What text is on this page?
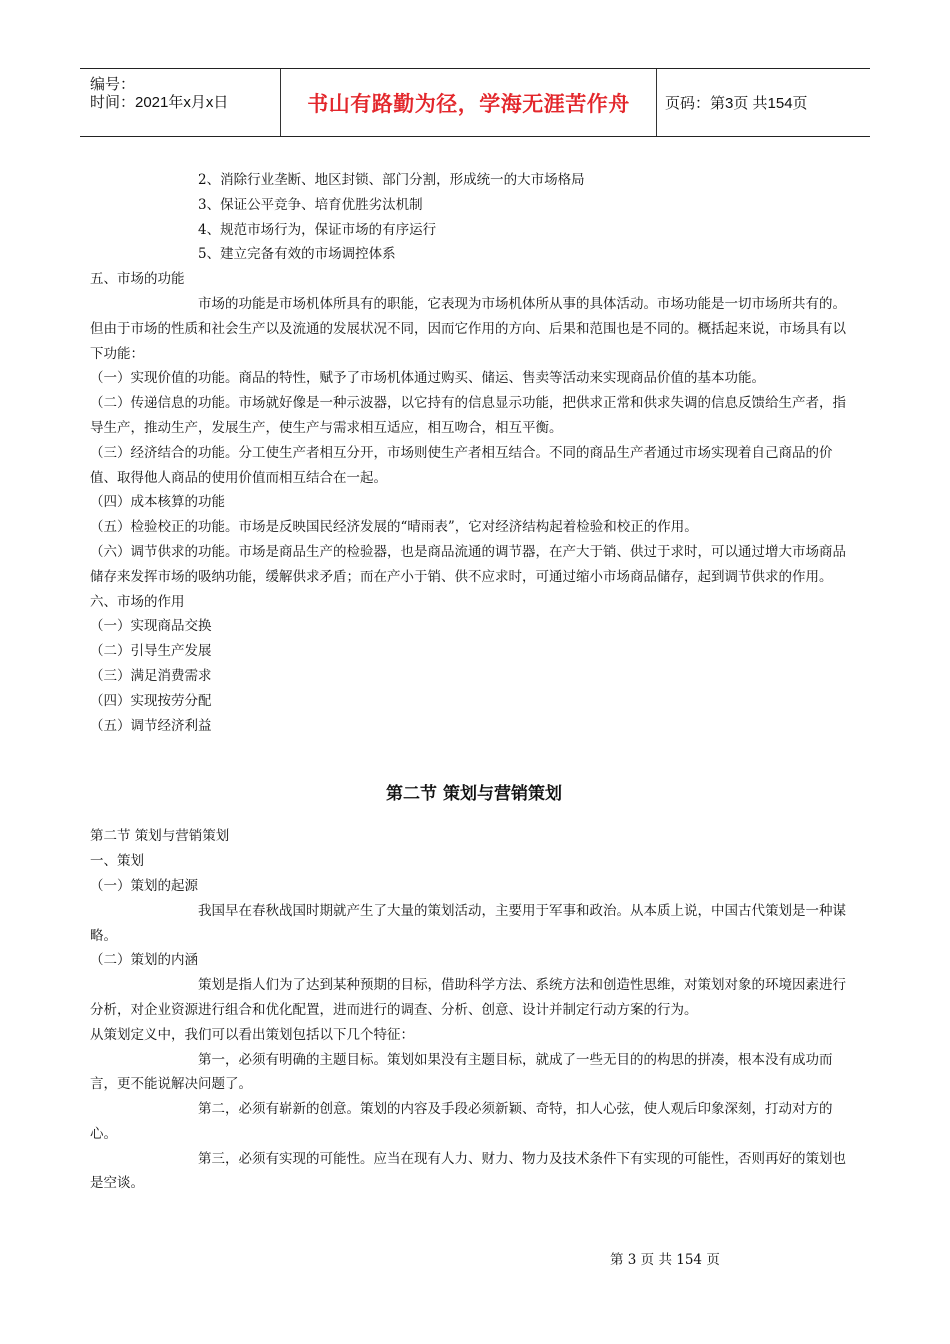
编号：
时间：2021年x月x日	书山有路勤为径，学海无涯苦作舟 页码：第3页 共154页

2、消除行业垄断、地区封锁、部门分割，形成统一的大市场格局

3、保证公平竞争、培育优胜劣汰机制

4、规范市场行为，保证市场的有序运行

5、建立完备有效的市场调控体系

五、市场的功能

市场的功能是市场机体所具有的职能，它表现为市场机体所从事的具体活动。市场功能是一切市场所共有的。但由于市场的性质和社会生产以及流通的发展状况不同，因而它作用的方向、后果和范围也是不同的。概括起来说，市场具有以下功能：

（一）实现价值的功能。商品的特性，赋予了市场机体通过购买、储运、售卖等活动来实现商品价值的基本功能。

（二）传递信息的功能。市场就好像是一种示波器，以它持有的信息显示功能，把供求正常和供求失调的信息反馈给生产者，指导生产，推动生产，发展生产，使生产与需求相互适应，相互吻合，相互平衡。

（三）经济结合的功能。分工使生产者相互分开，市场则使生产者相互结合。不同的商品生产者通过市场实现着自己商品的价值、取得他人商品的使用价值而相互结合在一起。

（四）成本核算的功能

（五）检验校正的功能。市场是反映国民经济发展的“晴雨表”，它对经济结构起着检验和校正的作用。

（六）调节供求的功能。市场是商品生产的检验器，也是商品流通的调节器，在产大于销、供过于求时，可以通过增大市场商品储存来发挥市场的吸纳功能，缓解供求矛盾；而在产小于销、供不应求时，可通过缩小市场商品储存，起到调节供求的作用。

六、市场的作用

（一）实现商品交换

（二）引导生产发展

（三）满足消费需求

（四）实现按劳分配

（五）调节经济利益

第二节 策划与营销策划

第二节 策划与营销策划

一、策划

（一）策划的起源

我国早在春秋战国时期就产生了大量的策划活动，主要用于军事和政治。从本质上说，中国古代策划是一种谋略。

（二）策划的内涵

策划是指人们为了达到某种预期的目标，借助科学方法、系统方法和创造性思维，对策划对象的环境因素进行分析，对企业资源进行组合和优化配置，进而进行的调查、分析、创意、设计并制定行动方案的行为。

从策划定义中，我们可以看出策划包括以下几个特征：

第一，必须有明确的主题目标。策划如果没有主题目标，就成了一些无目的的构思的拼凑，根本没有成功而言，更不能说解决问题了。

第二，必须有崭新的创意。策划的内容及手段必须新颖、奇特，扣人心弦，使人观后印象深刻，打动对方的心。

第三，必须有实现的可能性。应当在现有人力、财力、物力及技术条件下有实现的可能性，否则再好的策划也是空谈。

第 3 页 共 154 页
